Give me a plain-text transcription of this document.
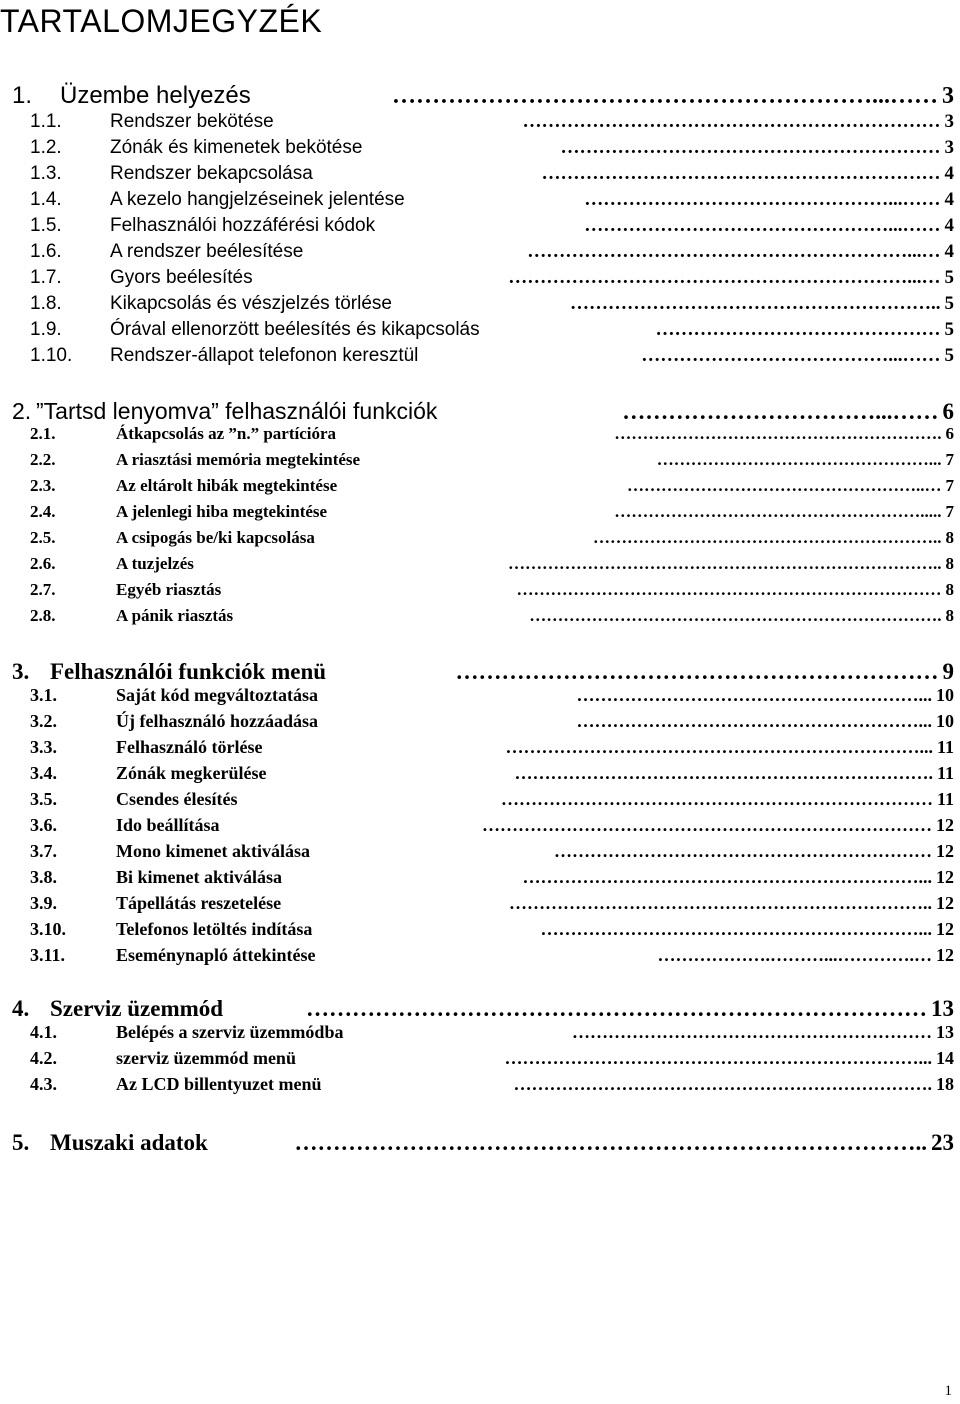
TARTALOMJEGYZÉK
1.	Üzembe helyezés	……………………………………………………...…… 3
1.1.	Rendszer bekötése	………………………………………………………… 3
1.2.	Zónák és kimenetek bekötése	…………………………………………………… 3
1.3.	Rendszer bekapcsolása	……………………………………………………… 4
1.4.	A kezelo hangjelzéseinek jelentése	…………………………………………...…… 4
1.5.	Felhasználói hozzáférési kódok	…………………………………………...…… 4
1.6.	A rendszer beélesítése	……………………………………………………...… 4
1.7.	Gyors beélesítés	………………………………………………………...… 5
1.8.	Kikapcsolás és vészjelzés törlése	………………………………………………….. 5
1.9.	Órával ellenorzött beélesítés és kikapcsolás	……………………………………… 5
1.10.	Rendszer-állapot telefonon keresztül	…………………………………...…… 5
2. ”Tartsd lenyomva” felhasználói funkciók	……………………………...…… 6
2.1.	Átkapcsolás az ”n.” partícióra	…………………………………………………. 6
2.2.	A riasztási memória megtekintése	…………………………………………... 7
2.3.	Az eltárolt hibák megtekintése	……………………………………………..… 7
2.4.	A jelenlegi hiba megtekintése	………………………………………………..... 7
2.5.	A csipogás be/ki kapcsolása	…………………………………………………….. 8
2.6.	A tuzjelzés	………………………………………………………………….. 8
2.7.	Egyéb riasztás	………………………………………………………………… 8
2.8.	A pánik riasztás	………………………………………………………………. 8
3. Felhasználói funkciók menü	……………………………………………………… 9
3.1.	Saját kód megváltoztatása	…………………………………………………... 10
3.2.	Új felhasználó hozzáadása	…………………………………………………... 10
3.3.	Felhasználó törlése	……………………………………………………………... 11
3.4.	Zónák megkerülése	……………………………………………………………. 11
3.5.	Csendes élesítés	……………………………………………………………… 11
3.6.	Ido beállítása	………………………………………………………………… 12
3.7.	Mono kimenet aktiválása	……………………………………………………… 12
3.8.	Bi kimenet aktiválása	…………………………………………………………... 12
3.9.	Tápellátás reszetelése	…………………………………………………………….. 12
3.10.	Telefonos letöltés indítása	………………………………………………………... 12
3.11.	Eseménynapló áttekintése	……………….………...………….… 12
4. Szerviz üzemmód	……………………………………………………………………… 13
4.1.	Belépés a szerviz üzemmódba	…………………………………………………… 13
4.2.	szerviz üzemmód menü	……………………………………………………………... 14
4.3.	Az LCD billentyuzet menü	……………………………………………………………. 18
5. Muszaki adatok	……………………………………………………………………….. 23
1
